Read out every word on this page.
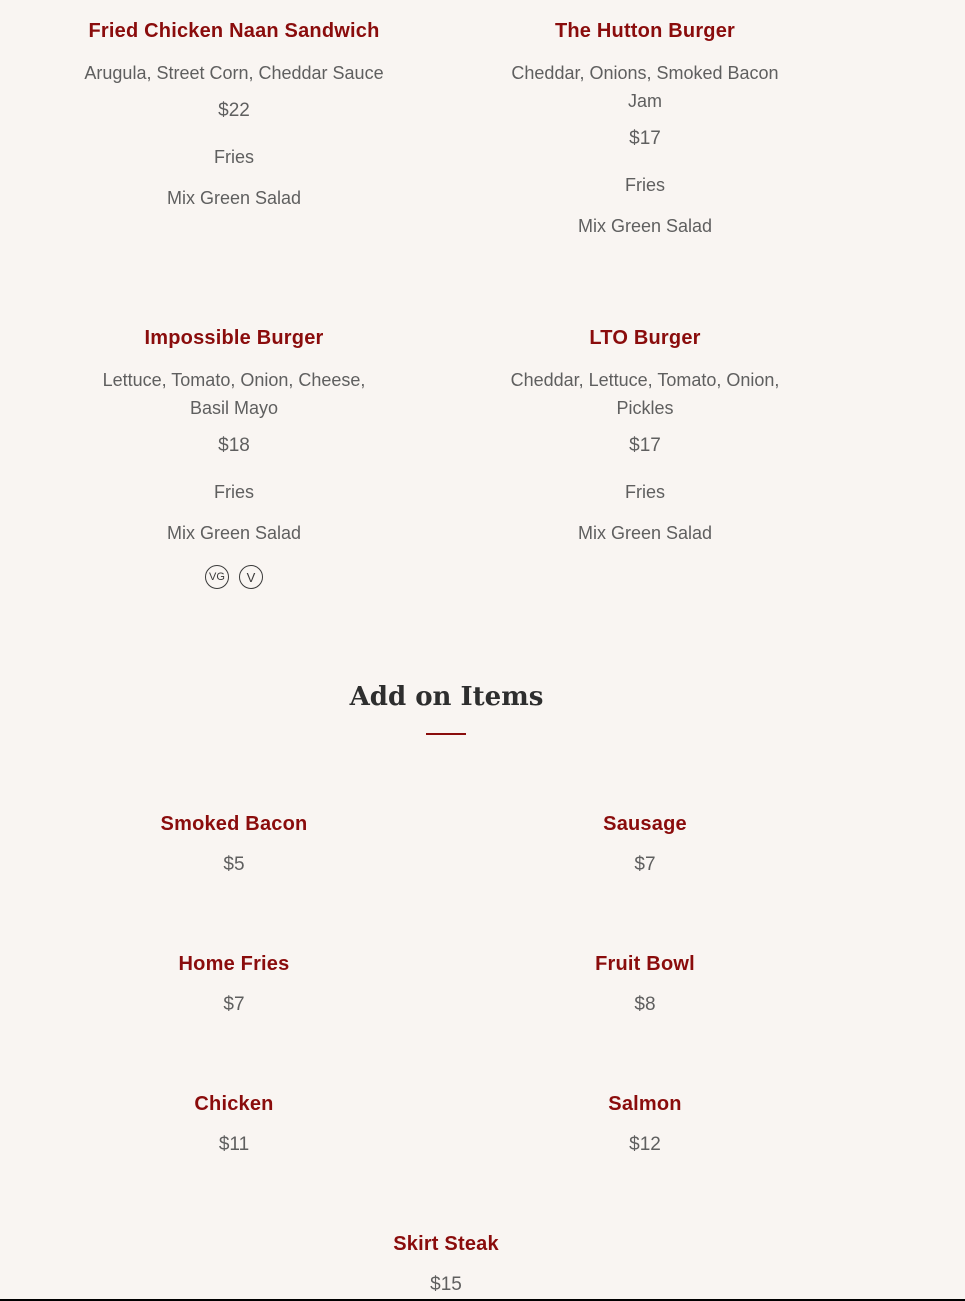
Fried Chicken Naan Sandwich
Arugula, Street Corn, Cheddar Sauce
$22
Fries
Mix Green Salad
The Hutton Burger
Cheddar, Onions, Smoked Bacon Jam
$17
Fries
Mix Green Salad
Impossible Burger
Lettuce, Tomato, Onion, Cheese, Basil Mayo
$18
Fries
Mix Green Salad
VG	V
LTO Burger
Cheddar, Lettuce, Tomato, Onion, Pickles
$17
Fries
Mix Green Salad
Add on Items
Smoked Bacon
$5
Sausage
$7
Home Fries
$7
Fruit Bowl
$8
Chicken
$11
Salmon
$12
Skirt Steak
$15
